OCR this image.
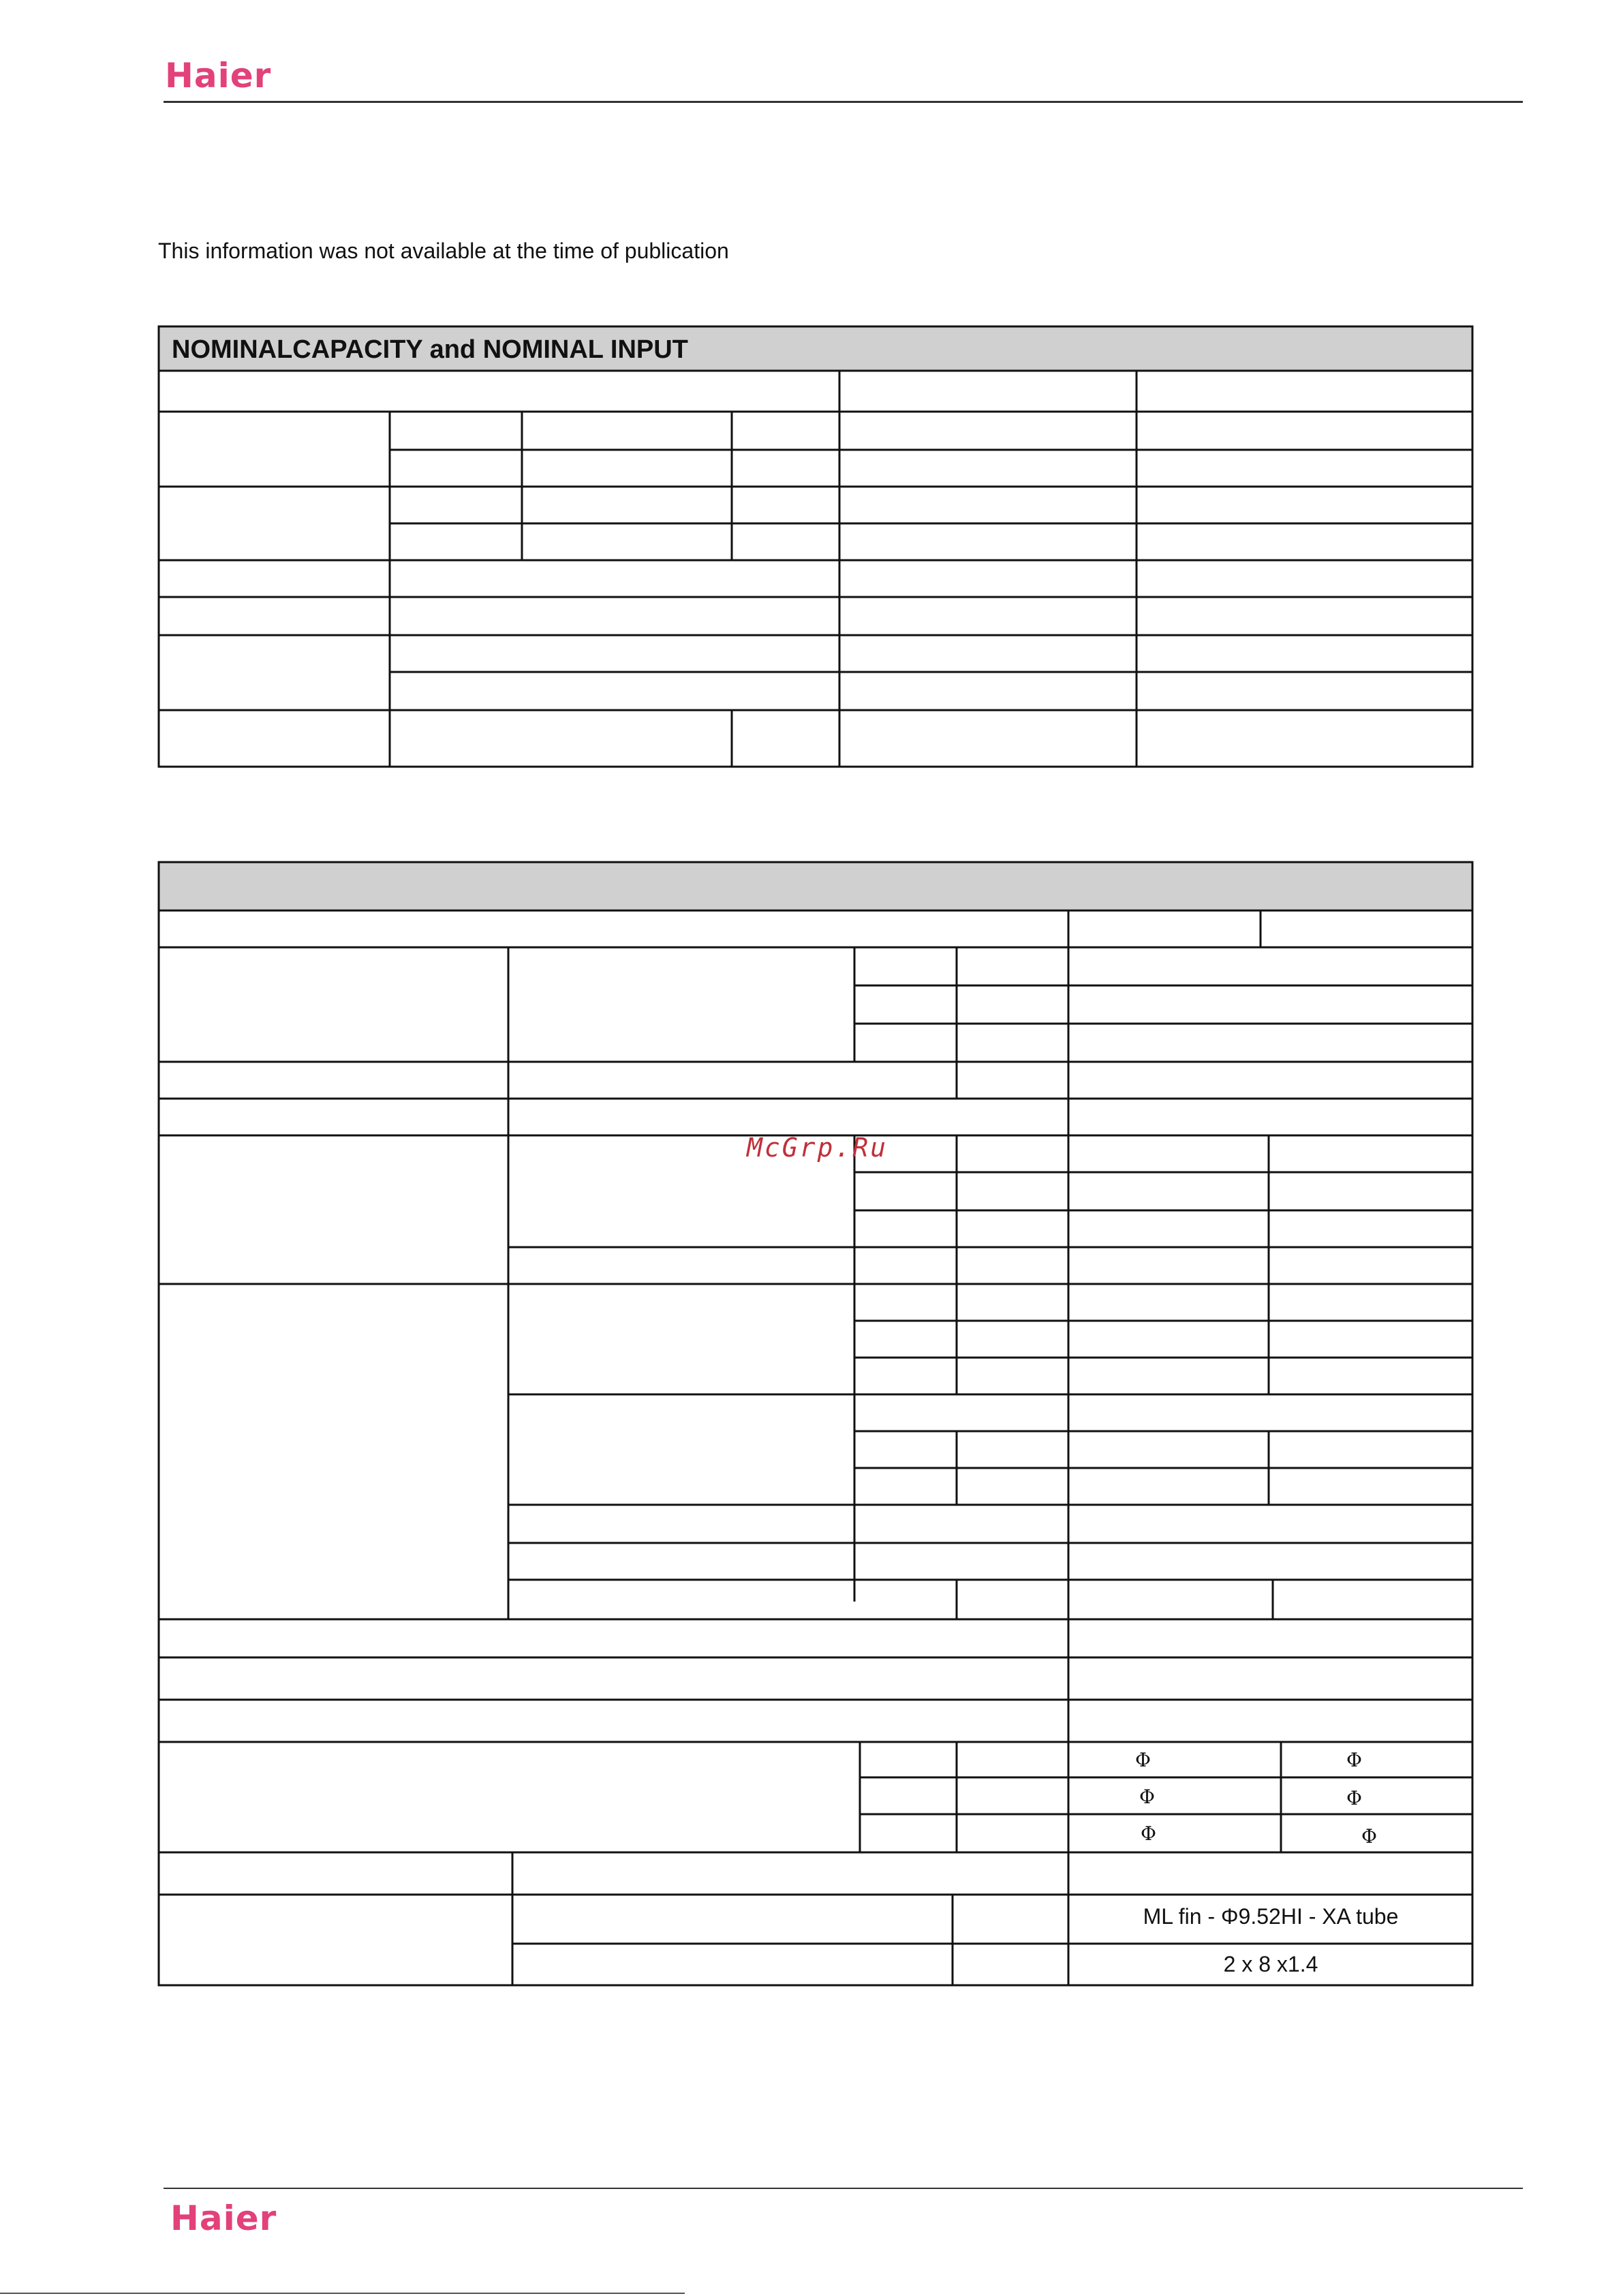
Haier
This information was not available at the time of publication
NOMINALCAPACITY and NOMINAL INPUT
Φ	Φ
Φ	Φ
Φ	Φ
ML fin - Φ9.52HI - XA tube
2 x 8 x1.4
McGrp.Ru
Haier
